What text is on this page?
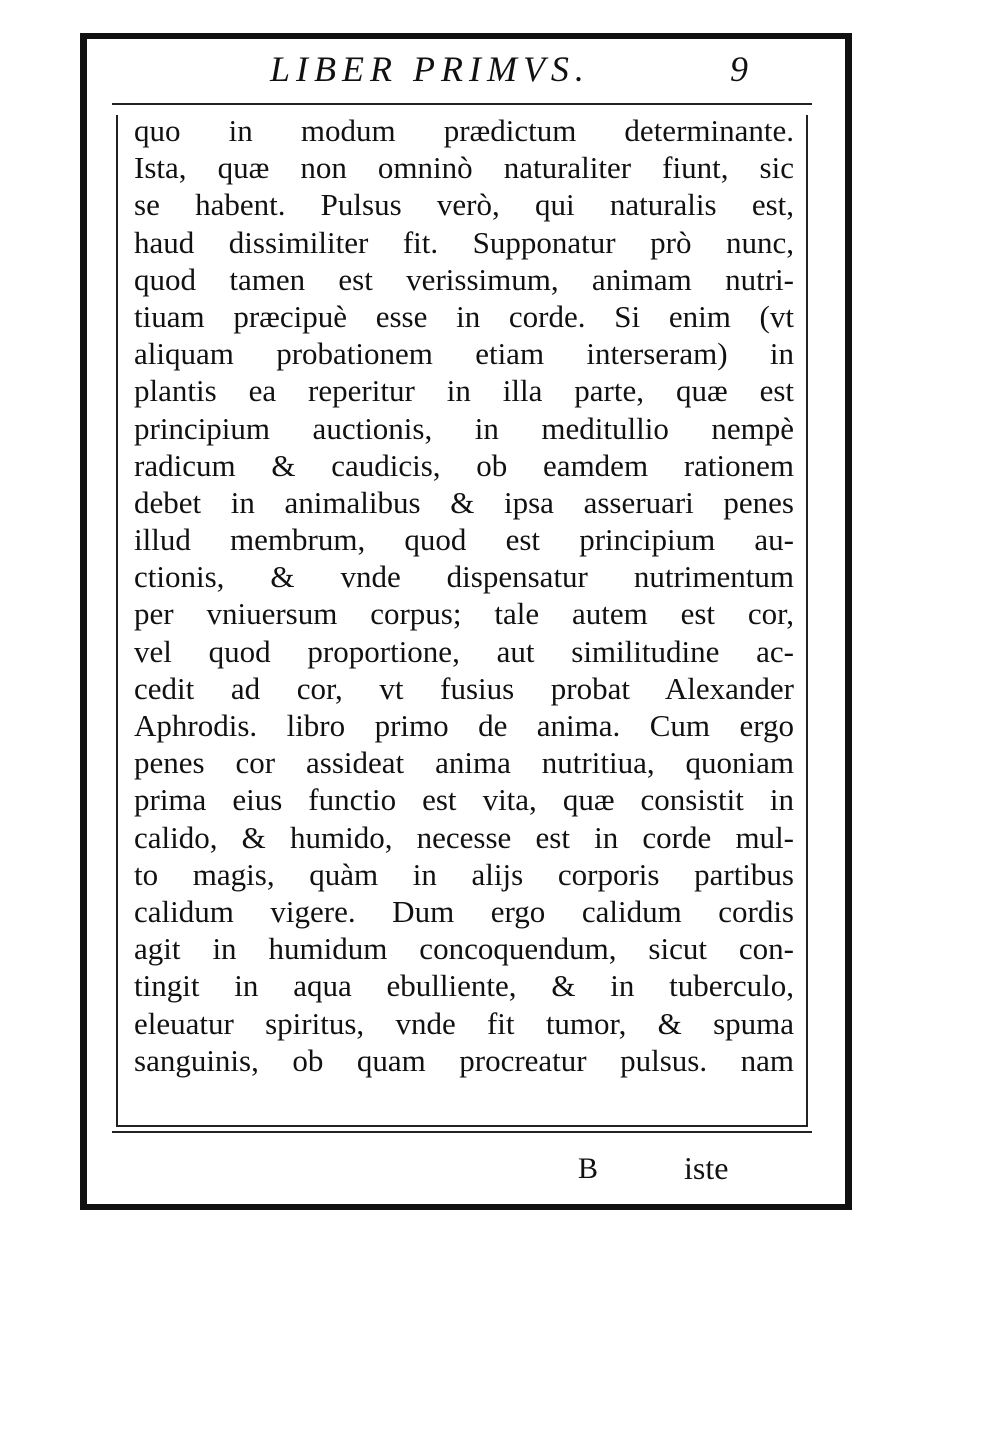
LIBER PRIMVS.	9
quo in modum prædictum determinante.
Ista, quæ non omninò naturaliter fiunt, sic
se habent. Pulsus verò, qui naturalis est,
haud dissimiliter fit. Supponatur prò nunc,
quod tamen est verissimum, animam nutri-
tiuam præcipuè esse in corde. Si enim (vt
aliquam probationem etiam interseram) in
plantis ea reperitur in illa parte, quæ est
principium auctionis, in meditullio nempè
radicum & caudicis, ob eamdem rationem
debet in animalibus & ipsa asseruari penes
illud membrum, quod est principium au-
ctionis, & vnde dispensatur nutrimentum
per vniuersum corpus; tale autem est cor,
vel quod proportione, aut similitudine ac-
cedit ad cor, vt fusius probat Alexander
Aphrodis. libro primo de anima. Cum ergo
penes cor assideat anima nutritiua, quoniam
prima eius functio est vita, quæ consistit in
calido, & humido, necesse est in corde mul-
to magis, quàm in alijs corporis partibus
calidum vigere. Dum ergo calidum cordis
agit in humidum concoquendum, sicut con-
tingit in aqua ebulliente, & in tuberculo,
eleuatur spiritus, vnde fit tumor, & spuma
sanguinis, ob quam procreatur pulsus. nam
B	iste
